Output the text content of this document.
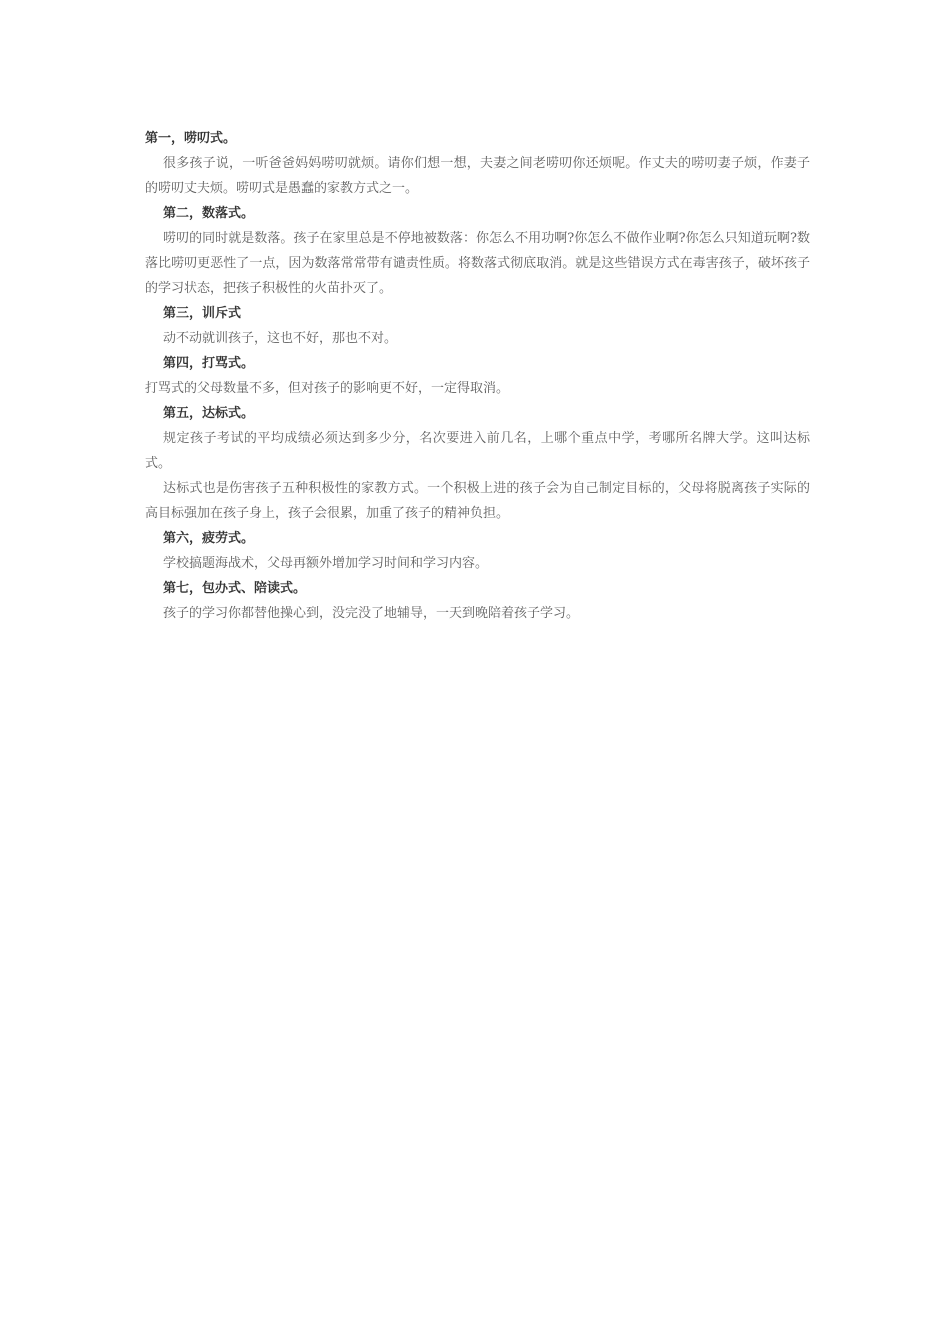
第一，唠叨式。

很多孩子说，一听爸爸妈妈唠叨就烦。请你们想一想，夫妻之间老唠叨你还烦呢。作丈夫的唠叨妻子烦，作妻子的唠叨丈夫烦。唠叨式是愚蠢的家教方式之一。

第二，数落式。

唠叨的同时就是数落。孩子在家里总是不停地被数落：你怎么不用功啊?你怎么不做作业啊?你怎么只知道玩啊?数落比唠叨更恶性了一点，因为数落常常带有谴责性质。将数落式彻底取消。就是这些错误方式在毒害孩子，破坏孩子的学习状态，把孩子积极性的火苗扑灭了。

第三，训斥式

动不动就训孩子，这也不好，那也不对。

第四，打骂式。

打骂式的父母数量不多，但对孩子的影响更不好，一定得取消。

第五，达标式。

规定孩子考试的平均成绩必须达到多少分，名次要进入前几名，上哪个重点中学，考哪所名牌大学。这叫达标式。

达标式也是伤害孩子五种积极性的家教方式。一个积极上进的孩子会为自己制定目标的，父母将脱离孩子实际的高目标强加在孩子身上，孩子会很累，加重了孩子的精神负担。

第六，疲劳式。

学校搞题海战术，父母再额外增加学习时间和学习内容。

第七，包办式、陪读式。

孩子的学习你都替他操心到，没完没了地辅导，一天到晚陪着孩子学习。
